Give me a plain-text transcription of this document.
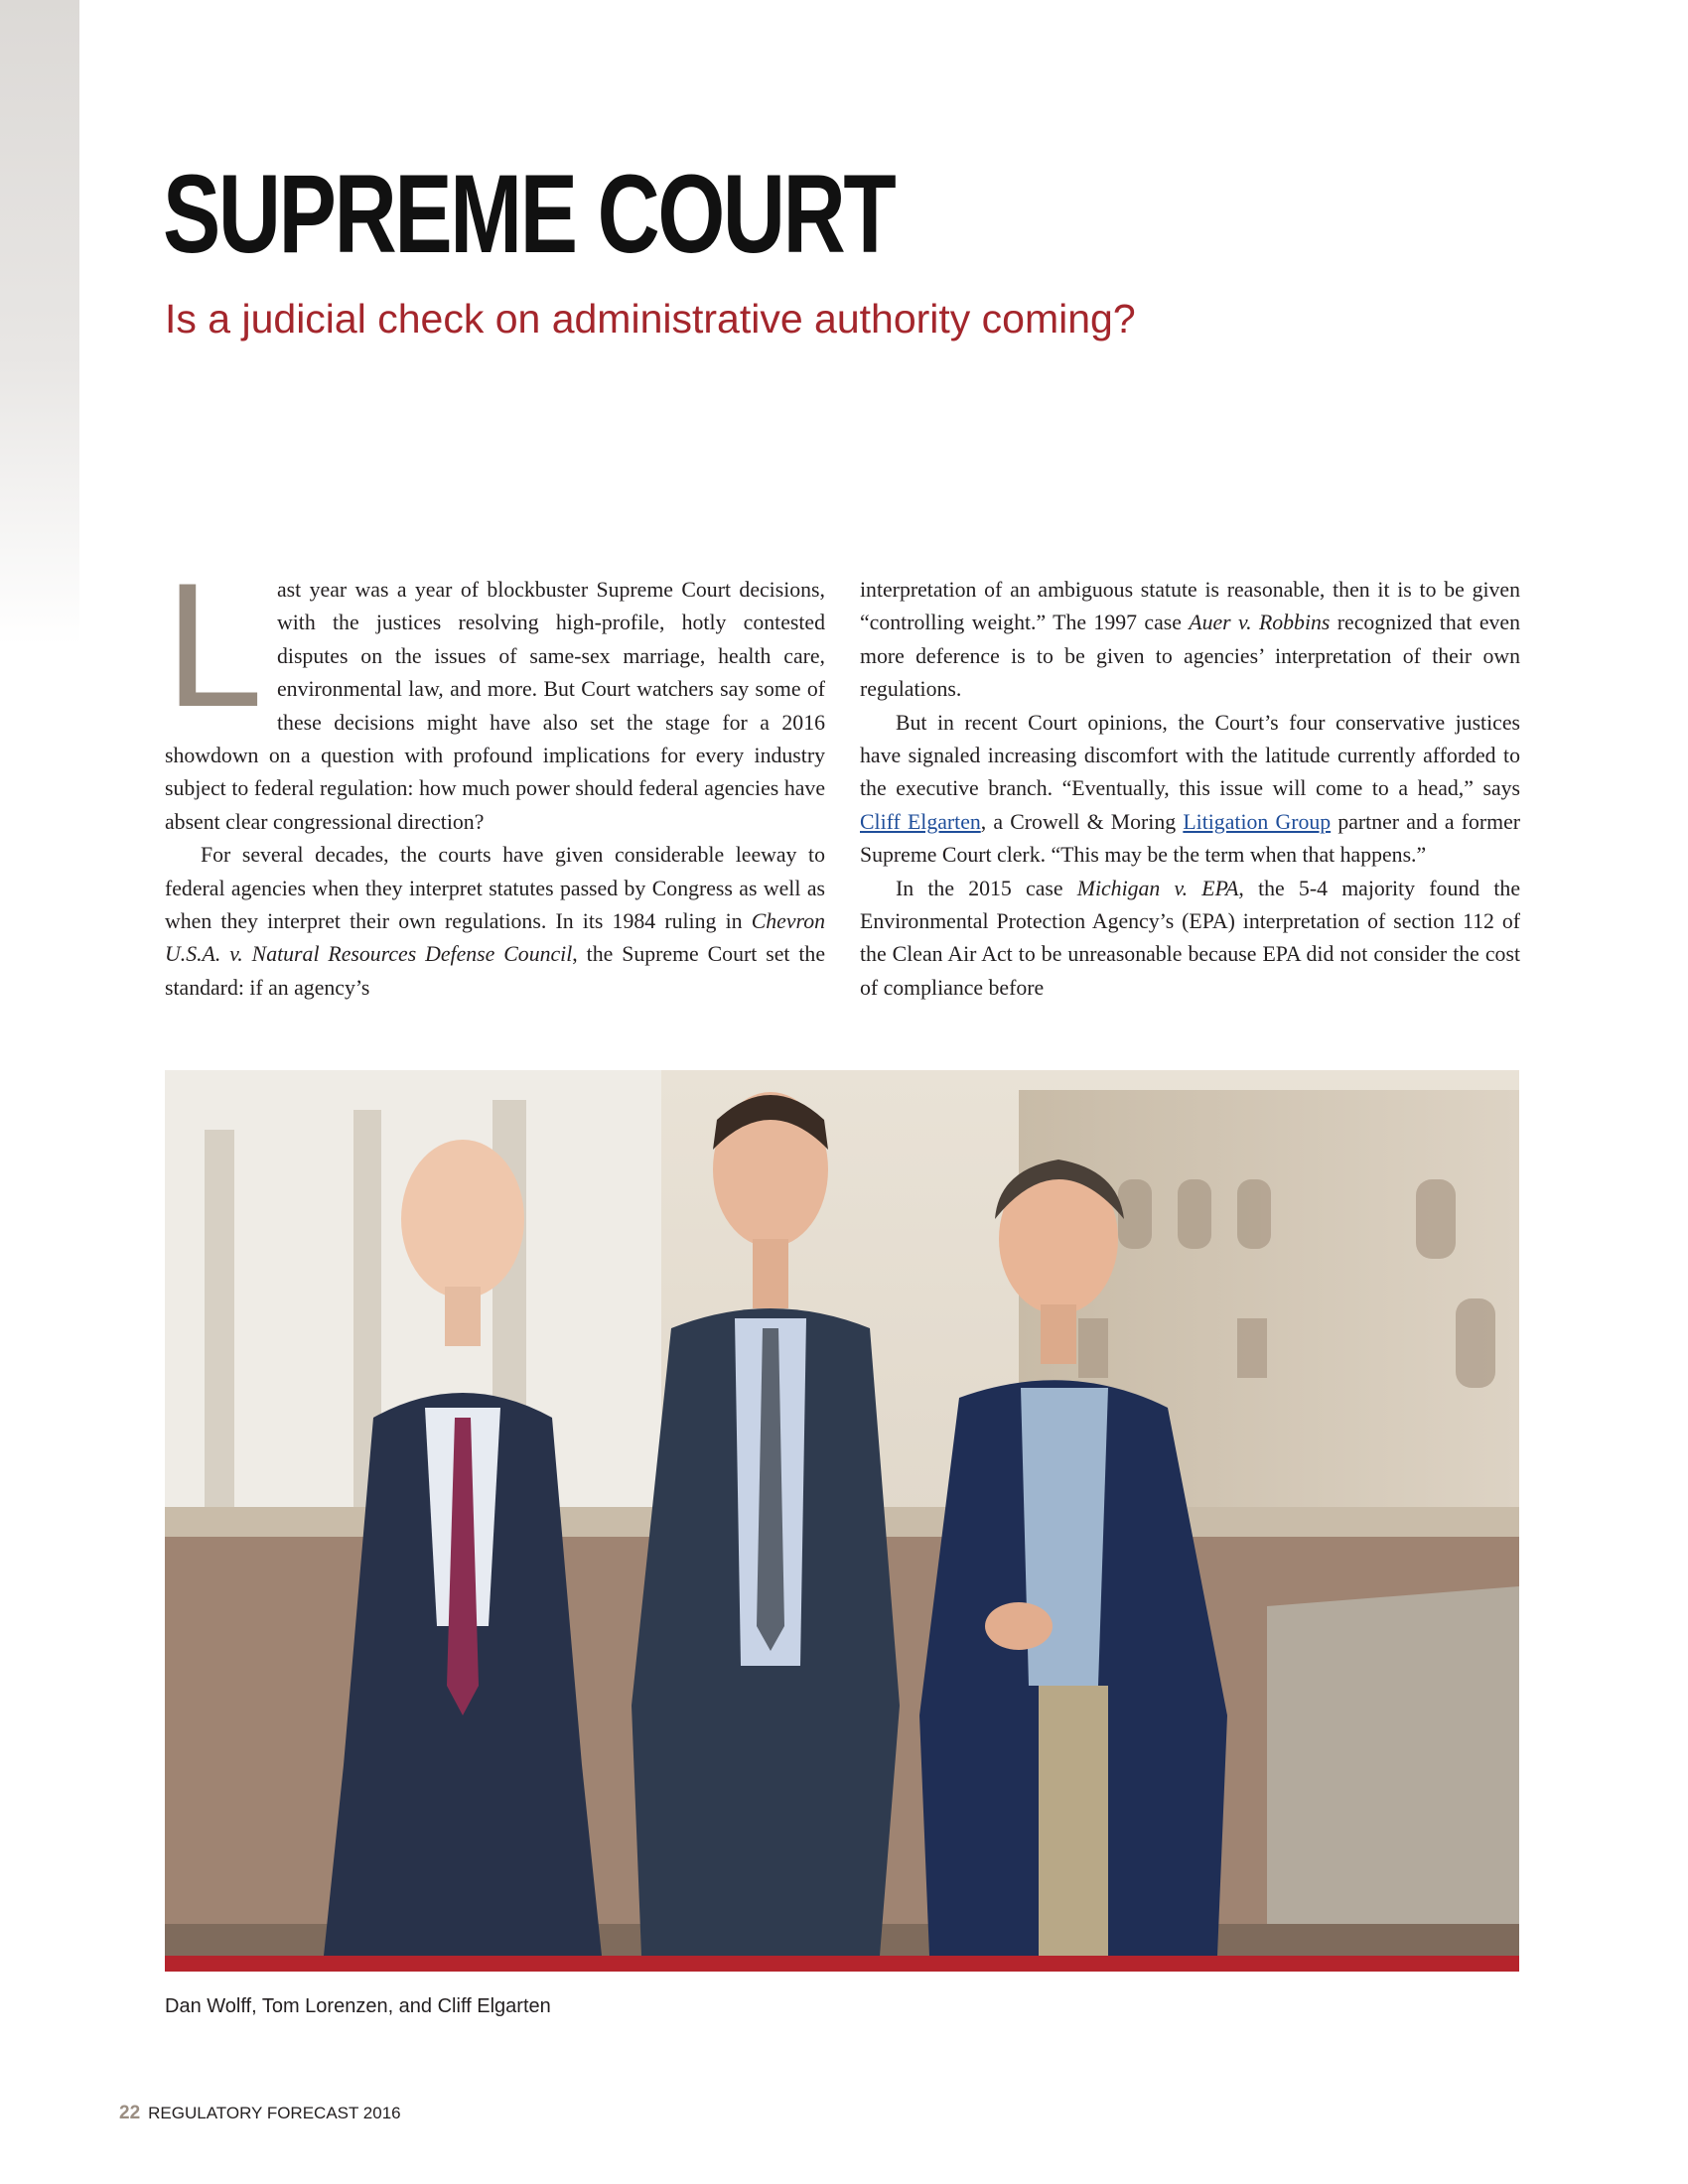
SUPREME COURT
Is a judicial check on administrative authority coming?

Last year was a year of blockbuster Supreme Court decisions, with the justices resolving high-profile, hotly contested disputes on the issues of same-sex marriage, health care, environmental law, and more. But Court watchers say some of these decisions might have also set the stage for a 2016 showdown on a question with profound implications for every industry subject to federal regulation: how much power should federal agencies have absent clear congressional direction?

For several decades, the courts have given considerable leeway to federal agencies when they interpret statutes passed by Congress as well as when they interpret their own regulations. In its 1984 ruling in Chevron U.S.A. v. Natural Resources Defense Council, the Supreme Court set the standard: if an agency’s

interpretation of an ambiguous statute is reasonable, then it is to be given “controlling weight.” The 1997 case Auer v. Robbins recognized that even more deference is to be given to agencies’ interpretation of their own regulations.

But in recent Court opinions, the Court’s four conservative justices have signaled increasing discomfort with the latitude currently afforded to the executive branch. “Eventually, this issue will come to a head,” says Cliff Elgarten, a Crowell & Moring Litigation Group partner and a former Supreme Court clerk. “This may be the term when that happens.”

In the 2015 case Michigan v. EPA, the 5-4 majority found the Environmental Protection Agency’s (EPA) interpretation of section 112 of the Clean Air Act to be unreasonable because EPA did not consider the cost of compliance before

Dan Wolff, Tom Lorenzen, and Cliff Elgarten
22 REGULATORY FORECAST 2016
